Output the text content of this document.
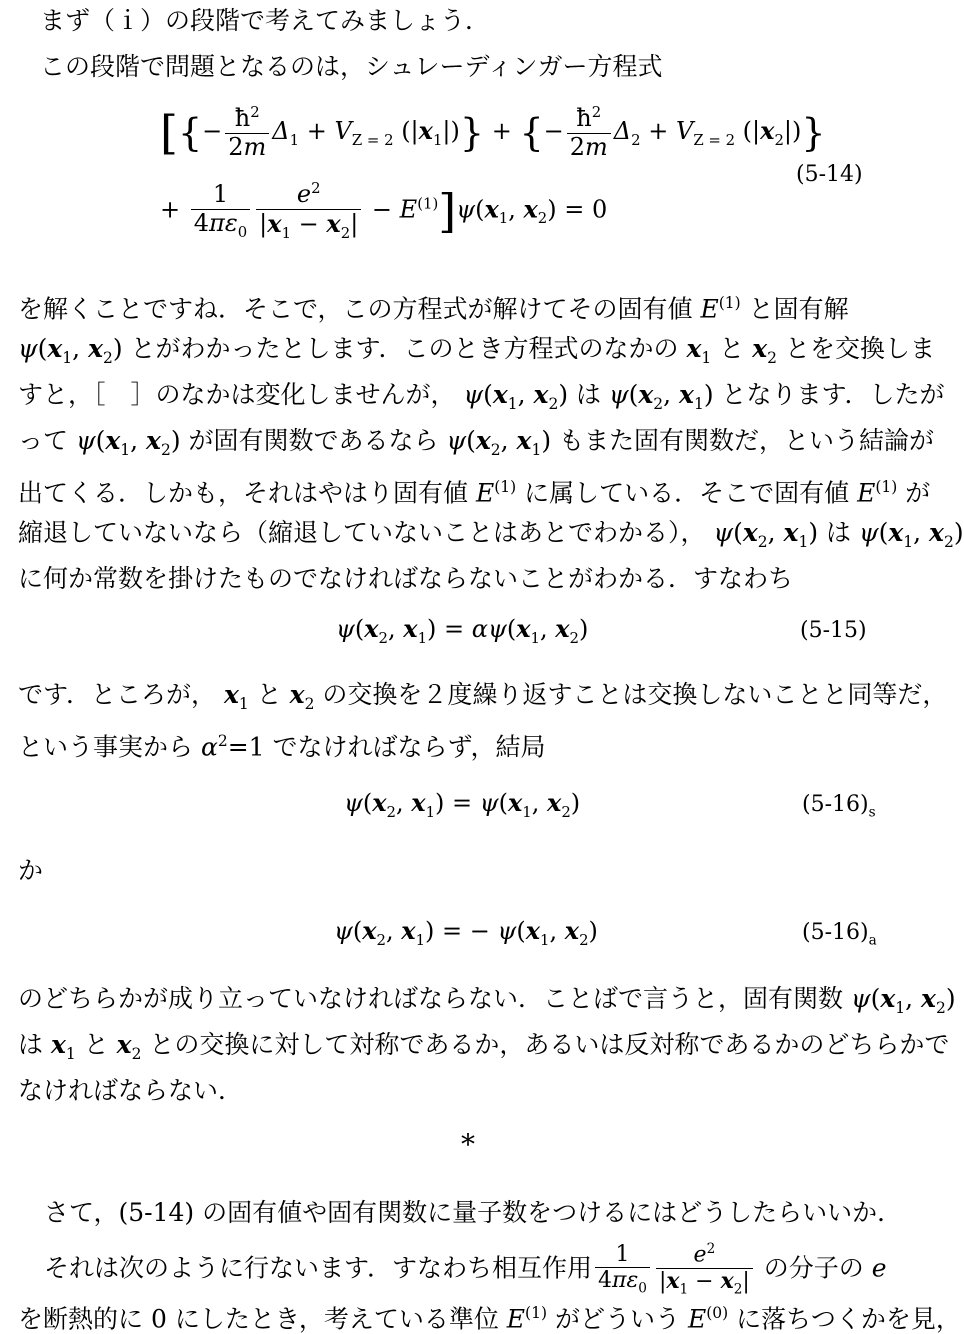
まず（ｉ）の段階で考えてみましょう．
この段階で問題となるのは，シュレーディンガー方程式
[{− $\frac{ħ^2}{2m} \Delta_1 + V_{Z = 2}$ $(|x_1|)$} + {− $\frac{ħ^2}{2m} \Delta_2 + V_{Z = 2}$ $(|x_2|)$}
+ $\frac{1}{4\pi\varepsilon_0} \frac{e^2}{|x_1 - x_2|} - E^{(1)}]\psi(x_1$, $x_2) = 0$
(5-14)
を解くことですね．そこで，この方程式が解けてその固有値 $E^{(1)}$ と固有解
$\psi(x_1$, $x_2$) とがわかったとします．このとき方程式のなかの $x_1$ と $x_2$ とを交換しま
すと，［　］のなかは変化しませんが， $\psi(x_1$, $x_2$) は $\psi(x_2$, $x_1$) となります．したが
って $\psi(x_1$, $x_2$) が固有関数であるなら $\psi(x_2$, $x_1$) もまた固有関数だ，という結論が
出てくる．しかも，それはやはり固有値 $E^{(1)}$ に属している．そこで固有値 $E^{(1)}$ が
縮退していないなら（縮退していないことはあとでわかる）， $\psi(x_2$, $x_1$) は $\psi(x_1$, $x_2$)
に何か常数を掛けたものでなければならないことがわかる．すなわち
$\psi(x_2$, $x_1) = \alpha\psi(x_1$, $x_2$)	(5-15)
です．ところが， $x_1$ と $x_2$ の交換を２度繰り返すことは交換しないことと同等だ，
という事実から $\alpha^2=1$ でなければならず，結局
$\psi(x_2$, $x_1) = \psi(x_1$, $x_2$)	$(5-16)_s$
か
$\psi(x_2$, $x_1$) = − $\psi(x_1$, $x_2$)	$(5-16)_a$
のどちらかが成り立っていなければならない．ことばで言うと，固有関数 $\psi(x_1$, $x_2$)
は $x_1$ と $x_2$ との交換に対して対称であるか，あるいは反対称であるかのどちらかで
なければならない．
*
さて，(5-14) の固有値や固有関数に量子数をつけるにはどうしたらいいか．
それは次のように行ないます．すなわち相互作用 $\frac{1}{4\pi\varepsilon_0} \frac{e^2}{|x_1 - x_2|}$ の分子の e
を断熱的に 0 にしたとき，考えている準位 $E^{(1)}$ がどういう $E^{(0)}$ に落ちつくかを見，
